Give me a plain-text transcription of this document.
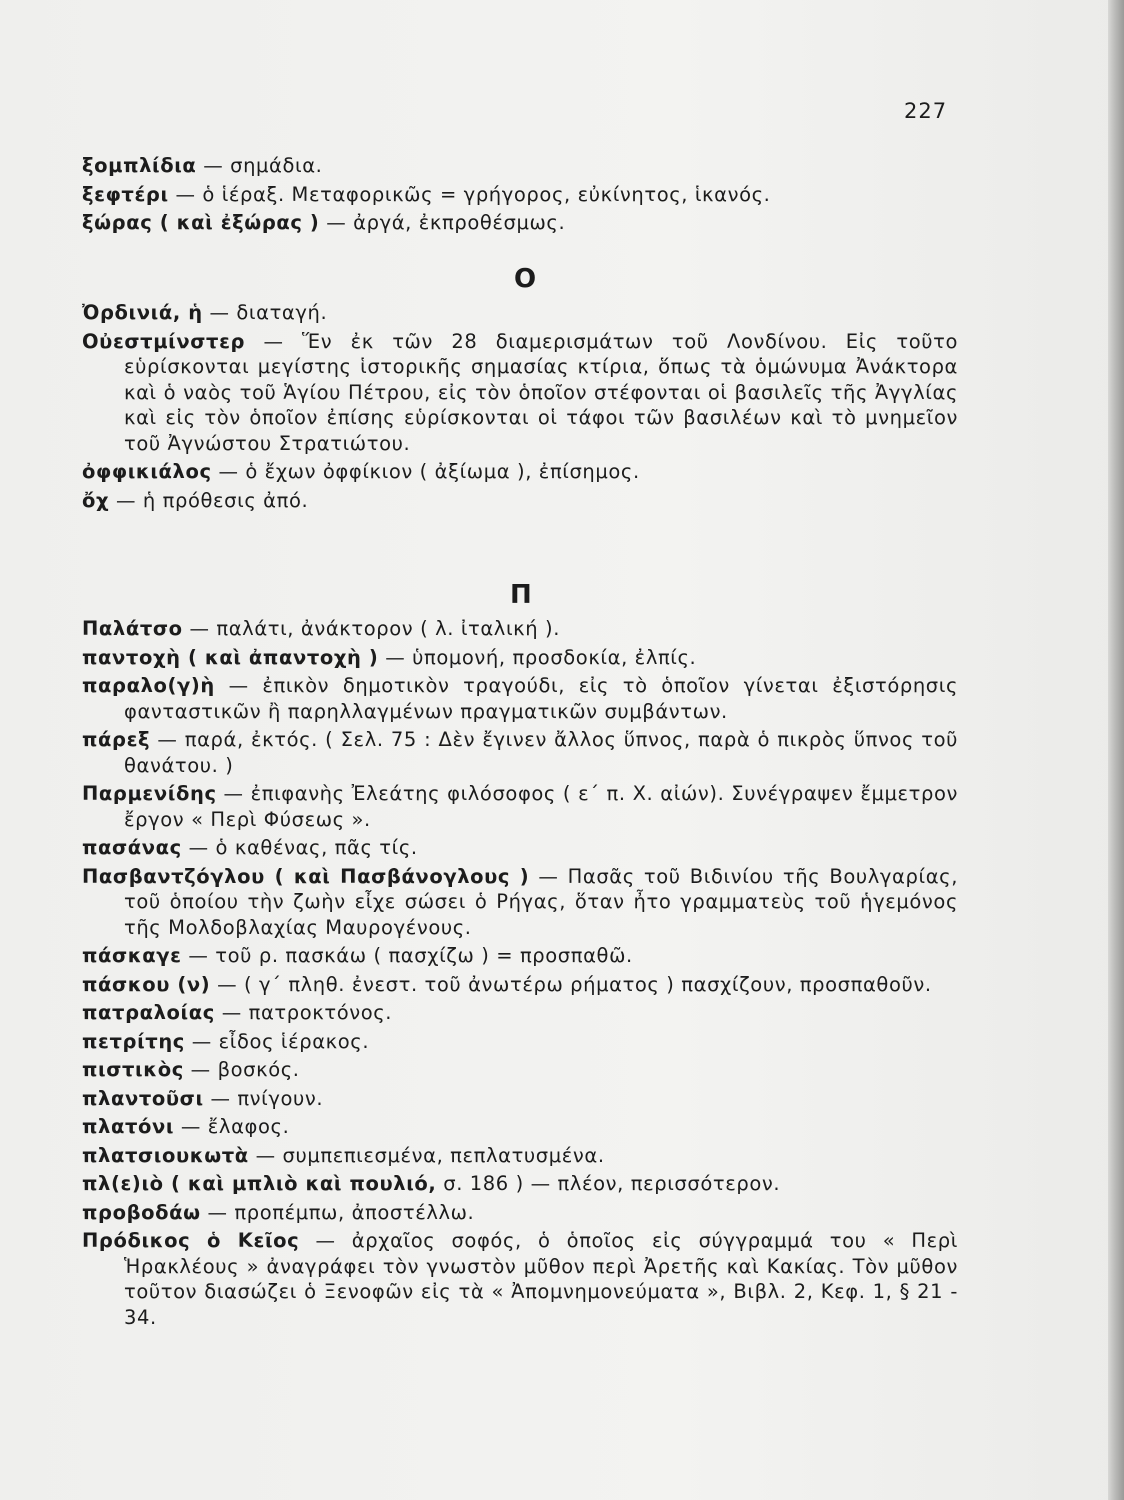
227

ξομπλίδια — σημάδια.

ξεφτέρι — ὁ ἱέραξ. Μεταφορικῶς = γρήγορος, εὐκίνητος, ἱκανός.

ξώρας ( καὶ ἐξώρας ) — ἀργά, ἐκπροθέσμως.

Ο

Ὀρδινιά, ἡ — διαταγή.

Οὐεστμίνστερ — Ἕν ἐκ τῶν 28 διαμερισμάτων τοῦ Λονδίνου. Εἰς τοῦτο εὑρίσκονται μεγίστης ἱστορικῆς σημασίας κτίρια, ὅπως τὰ ὁμώνυμα Ἀνάκτορα καὶ ὁ ναὸς τοῦ Ἁγίου Πέτρου, εἰς τὸν ὁποῖον στέφονται οἱ βασιλεῖς τῆς Ἀγγλίας καὶ εἰς τὸν ὁποῖον ἐπίσης εὑρίσκονται οἱ τάφοι τῶν βασιλέων καὶ τὸ μνημεῖον τοῦ Ἀγνώστου Στρατιώτου.

ὀφφικιάλος — ὁ ἔχων ὀφφίκιον ( ἀξίωμα ), ἐπίσημος.

ὄχ — ἡ πρόθεσις ἀπό.

Π

Παλάτσο — παλάτι, ἀνάκτορον ( λ. ἰταλική ).

παντοχὴ ( καὶ ἀπαντοχὴ ) — ὑπομονή, προσδοκία, ἐλπίς.

παραλο(γ)ὴ — ἐπικὸν δημοτικὸν τραγούδι, εἰς τὸ ὁποῖον γίνεται ἐξιστόρησις φανταστικῶν ἢ παρηλλαγμένων πραγματικῶν συμβάντων.

πάρεξ — παρά, ἐκτός. ( Σελ. 75 : Δὲν ἔγινεν ἄλλος ὕπνος, παρὰ ὁ πικρὸς ὕπνος τοῦ θανάτου. )

Παρμενίδης — ἐπιφανὴς Ἐλεάτης φιλόσοφος ( ε΄ π. Χ. αἰών). Συνέγραψεν ἔμμετρον ἔργον « Περὶ Φύσεως ».

πασάνας — ὁ καθένας, πᾶς τίς.

Πασβαντζόγλου ( καὶ Πασβάνογλους ) — Πασᾶς τοῦ Βιδινίου τῆς Βουλγαρίας, τοῦ ὁποίου τὴν ζωὴν εἶχε σώσει ὁ Ρήγας, ὅταν ἦτο γραμματεὺς τοῦ ἡγεμόνος τῆς Μολδοβλαχίας Μαυρογένους.

πάσκαγε — τοῦ ρ. πασκάω ( πασχίζω ) = προσπαθῶ.

πάσκου (ν) — ( γ΄ πληθ. ἐνεστ. τοῦ ἀνωτέρω ρήματος ) πασχίζουν, προσπαθοῦν.

πατραλοίας — πατροκτόνος.

πετρίτης — εἶδος ἱέρακος.

πιστικὸς — βοσκός.

πλαντοῦσι — πνίγουν.

πλατόνι — ἔλαφος.

πλατσιουκωτὰ — συμπεπιεσμένα, πεπλατυσμένα.

πλ(ε)ιὸ ( καὶ μπλιὸ καὶ πουλιό, σ. 186 ) — πλέον, περισσότερον.

προβοδάω — προπέμπω, ἀποστέλλω.

Πρόδικος ὁ Κεῖος — ἀρχαῖος σοφός, ὁ ὁποῖος εἰς σύγγραμμά του « Περὶ Ἡρακλέους » ἀναγράφει τὸν γνωστὸν μῦθον περὶ Ἀρετῆς καὶ Κακίας. Τὸν μῦθον τοῦτον διασώζει ὁ Ξενοφῶν εἰς τὰ « Ἀπομνημονεύματα », Βιβλ. 2, Κεφ. 1, § 21 - 34.
